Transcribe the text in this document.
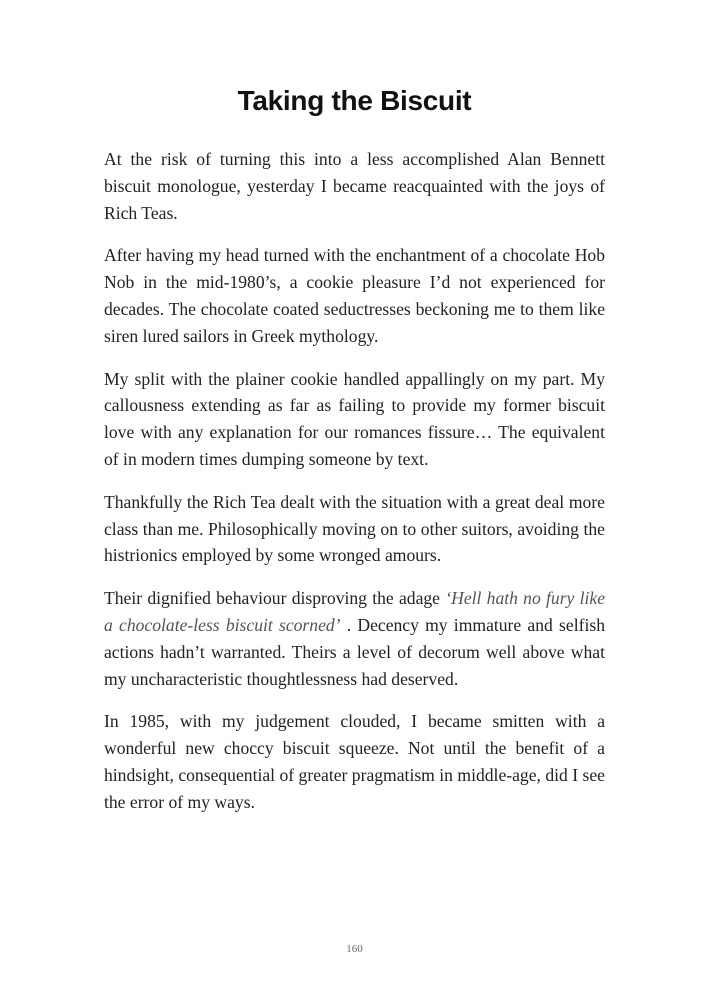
Taking the Biscuit

At the risk of turning this into a less accomplished Alan Bennett biscuit monologue, yesterday I became reacquainted with the joys of Rich Teas.

After having my head turned with the enchantment of a chocolate Hob Nob in the mid-1980’s, a cookie pleasure I’d not experienced for decades. The chocolate coated seductresses beckoning me to them like siren lured sailors in Greek mythology.

My split with the plainer cookie handled appallingly on my part. My callousness extending as far as failing to provide my former biscuit love with any explanation for our romances fissure… The equivalent of in modern times dumping someone by text.

Thankfully the Rich Tea dealt with the situation with a great deal more class than me. Philosophically moving on to other suitors, avoiding the histrionics employed by some wronged amours.

Their dignified behaviour disproving the adage ‘Hell hath no fury like a chocolate-less biscuit scorned’ . Decency my immature and selfish actions hadn’t warranted. Theirs a level of decorum well above what my uncharacteristic thoughtlessness had deserved.

In 1985, with my judgement clouded, I became smitten with a wonderful new choccy biscuit squeeze. Not until the benefit of a hindsight, consequential of greater pragmatism in middle-age, did I see the error of my ways.

160
